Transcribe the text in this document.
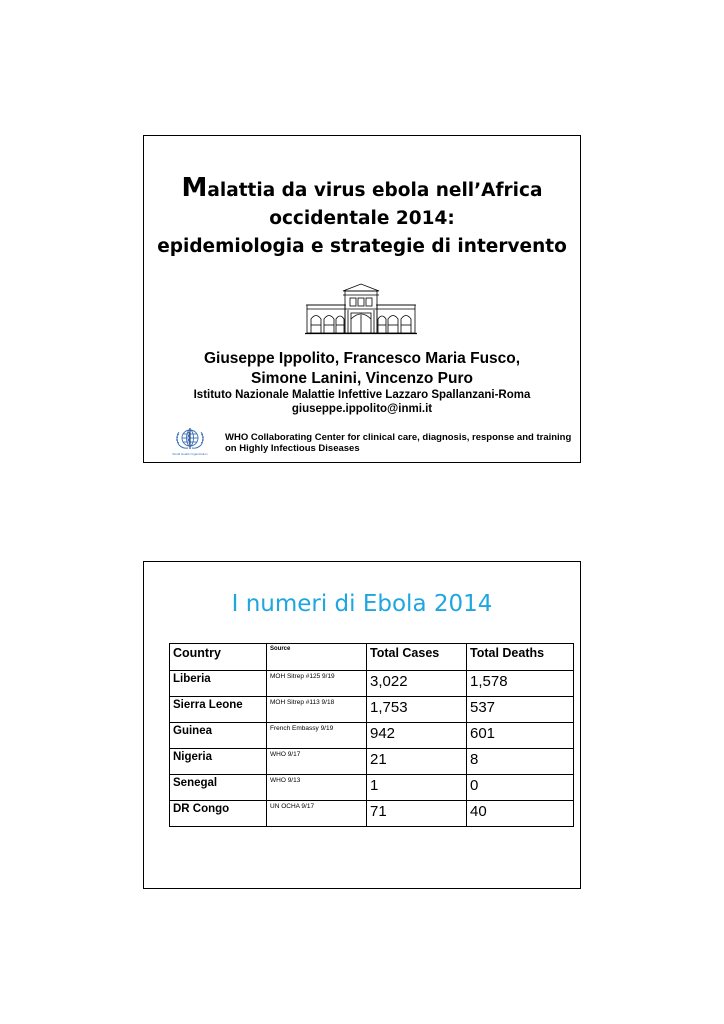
Malattia da virus ebola nell’Africa
occidentale 2014:
epidemiologia e strategie di intervento
Giuseppe Ippolito, Francesco Maria Fusco,
Simone Lanini, Vincenzo Puro
Istituto Nazionale Malattie Infettive Lazzaro Spallanzani-Roma
giuseppe.ippolito@inmi.it
World Health Organization
WHO Collaborating Center for clinical care, diagnosis, response and training on Highly Infectious Diseases
I numeri di Ebola 2014
Country	Source	Total Cases	Total Deaths
Liberia	MOH Sitrep #125 9/19	3,022	1,578
Sierra Leone	MOH Sitrep #113 9/18	1,753	537
Guinea	French Embassy 9/19	942	601
Nigeria	WHO 9/17	21	8
Senegal	WHO 9/13	1	0
DR Congo	UN OCHA 9/17	71	40
